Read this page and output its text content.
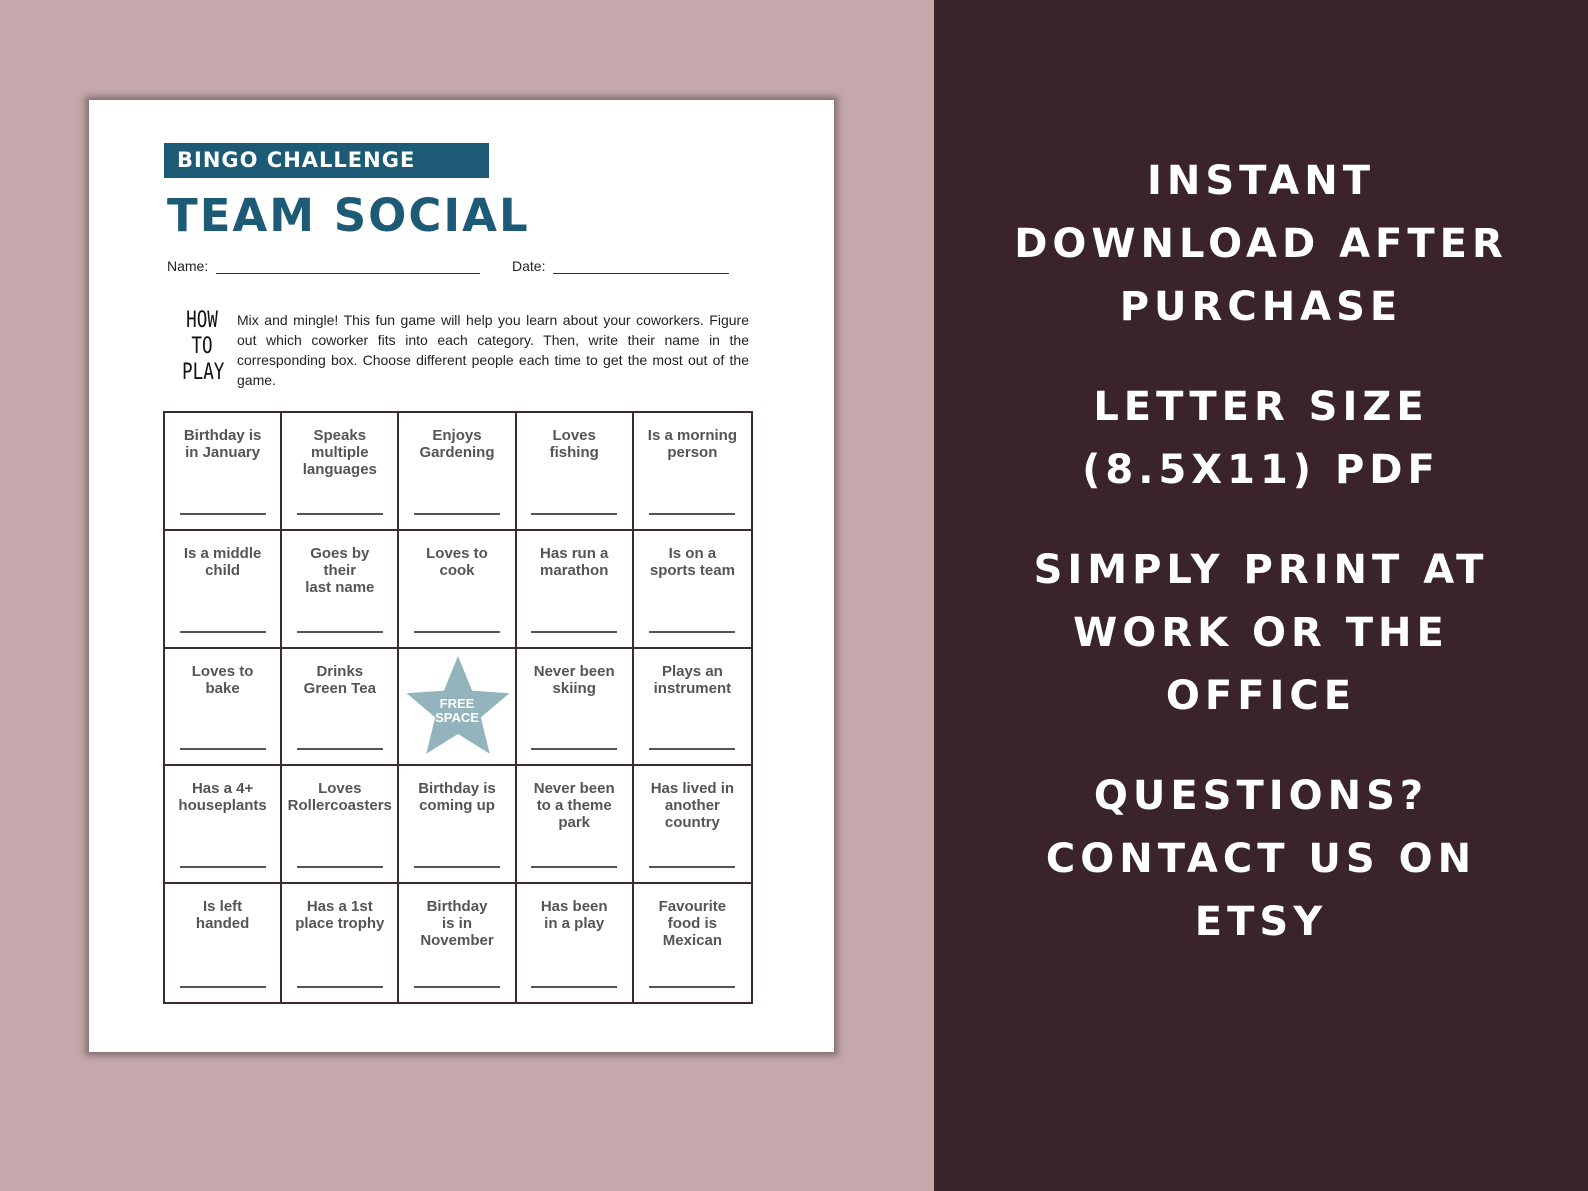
BINGO CHALLENGE
TEAM SOCIAL
Name:	Date:
HOW
TO
PLAY
Mix and mingle! This fun game will help you learn about your coworkers. Figure out which coworker fits into each category. Then, write their name in the corresponding box. Choose different people each time to get the most out of the game.
Birthday is
in January
Speaks
multiple
languages
Enjoys
Gardening
Loves
fishing
Is a morning
person
Is a middle
child
Goes by
their
last name
Loves to
cook
Has run a
marathon
Is on a
sports team
Loves to
bake
Drinks
Green Tea
FREE
SPACE
Never been
skiing
Plays an
instrument
Has a 4+
houseplants
Loves
Rollercoasters
Birthday is
coming up
Never been
to a theme
park
Has lived in
another
country
Is left
handed
Has a 1st
place trophy
Birthday
is in
November
Has been
in a play
Favourite
food is
Mexican
INSTANT
DOWNLOAD AFTER
PURCHASE
LETTER SIZE
(8.5X11) PDF
SIMPLY PRINT AT
WORK OR THE
OFFICE
QUESTIONS?
CONTACT US ON
ETSY
